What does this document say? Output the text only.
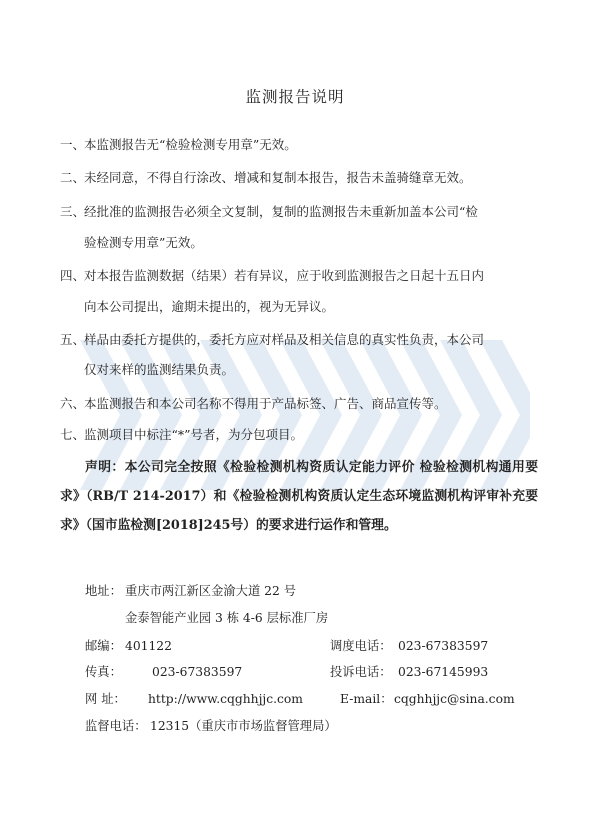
监测报告说明

一、本监测报告无“检验检测专用章”无效。

二、未经同意，不得自行涂改、增减和复制本报告，报告未盖骑缝章无效。

三、经批准的监测报告必须全文复制，复制的监测报告未重新加盖本公司“检

验检测专用章”无效。

四、对本报告监测数据（结果）若有异议，应于收到监测报告之日起十五日内

向本公司提出，逾期未提出的，视为无异议。

五、样品由委托方提供的，委托方应对样品及相关信息的真实性负责，本公司

仅对来样的监测结果负责。

六、本监测报告和本公司名称不得用于产品标签、广告、商品宣传等。

七、监测项目中标注“*”号者，为分包项目。

声明：本公司完全按照《检验检测机构资质认定能力评价 检验检测机构通用要求》（RB/T 214-2017）和《检验检测机构资质认定生态环境监测机构评审补充要求》（国市监检测[2018]245号）的要求进行运作和管理。

地址： 重庆市两江新区金渝大道 22 号
金泰智能产业园 3 栋 4-6 层标准厂房
邮编： 401122	调度电话： 023-67383597
传真： 023-67383597	投诉电话： 023-67145993
网 址： http://www.cqghhjjc.com	E-mail： cqghhjjc@sina.com
监督电话： 12315（重庆市市场监督管理局）
